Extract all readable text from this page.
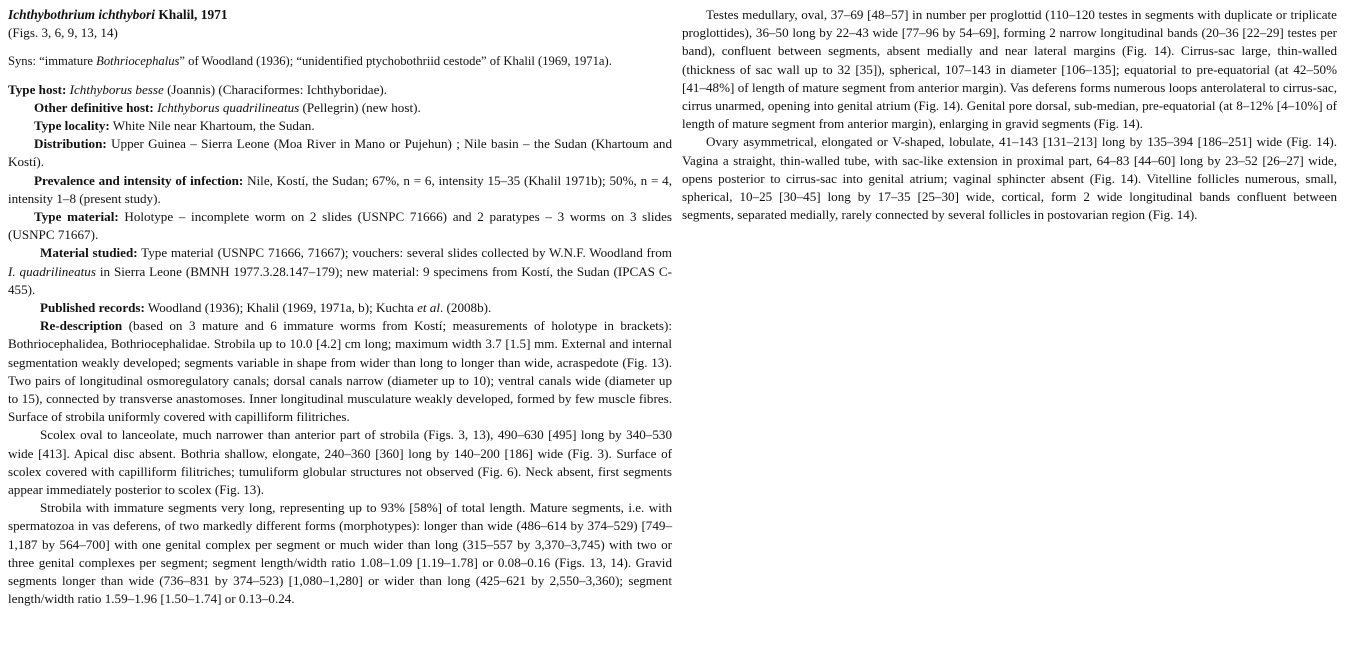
Ichthybothrium ichthybori Khalil, 1971

(Figs. 3, 6, 9, 13, 14)

Syns: “immature Bothriocephalus” of Woodland (1936); “unidentified ptychobothriid cestode” of Khalil (1969, 1971a).

Type host: Ichthyborus besse (Joannis) (Characiformes: Ichthyboridae).

Other definitive host: Ichthyborus quadrilineatus (Pellegrin) (new host).

Type locality: White Nile near Khartoum, the Sudan.

Distribution: Upper Guinea – Sierra Leone (Moa River in Mano or Pujehun) ; Nile basin – the Sudan (Khartoum and Kostí).

Prevalence and intensity of infection: Nile, Kostí, the Sudan; 67%, n = 6, intensity 15–35 (Khalil 1971b); 50%, n = 4, intensity 1–8 (present study).

Type material: Holotype – incomplete worm on 2 slides (USNPC 71666) and 2 paratypes – 3 worms on 3 slides (USNPC 71667).

Material studied: Type material (USNPC 71666, 71667); vouchers: several slides collected by W.N.F. Woodland from I. quadrilineatus in Sierra Leone (BMNH 1977.3.28.147–179); new material: 9 specimens from Kostí, the Sudan (IPCAS C-455).

Published records: Woodland (1936); Khalil (1969, 1971a, b); Kuchta et al. (2008b).

Re-description (based on 3 mature and 6 immature worms from Kostí; measurements of holotype in brackets): Bothriocephalidea, Bothriocephalidae. Strobila up to 10.0 [4.2] cm long; maximum width 3.7 [1.5] mm. External and internal segmentation weakly developed; segments variable in shape from wider than long to longer than wide, acraspedote (Fig. 13). Two pairs of longitudinal osmoregulatory canals; dorsal canals narrow (diameter up to 10); ventral canals wide (diameter up to 15), connected by transverse anastomoses. Inner longitudinal musculature weakly developed, formed by few muscle fibres. Surface of strobila uniformly covered with capilliform filitriches.

Scolex oval to lanceolate, much narrower than anterior part of strobila (Figs. 3, 13), 490–630 [495] long by 340–530 wide [413]. Apical disc absent. Bothria shallow, elongate, 240–360 [360] long by 140–200 [186] wide (Fig. 3). Surface of scolex covered with capilliform filitriches; tumuliform globular structures not observed (Fig. 6). Neck absent, first segments appear immediately posterior to scolex (Fig. 13).

Strobila with immature segments very long, representing up to 93% [58%] of total length. Mature segments, i.e. with spermatozoa in vas deferens, of two markedly different forms (morphotypes): longer than wide (486–614 by 374–529) [749–1,187 by 564–700] with one genital complex per segment or much wider than long (315–557 by 3,370–3,745) with two or three genital complexes per segment; segment length/width ratio 1.08–1.09 [1.19–1.78] or 0.08–0.16 (Figs. 13, 14). Gravid segments longer than wide (736–831 by 374–523) [1,080–1,280] or wider than long (425–621 by 2,550–3,360); segment length/width ratio 1.59–1.96 [1.50–1.74] or 0.13–0.24.

Testes medullary, oval, 37–69 [48–57] in number per proglottid (110–120 testes in segments with duplicate or triplicate proglottides), 36–50 long by 22–43 wide [77–96 by 54–69], forming 2 narrow longitudinal bands (20–36 [22–29] testes per band), confluent between segments, absent medially and near lateral margins (Fig. 14). Cirrus-sac large, thin-walled (thickness of sac wall up to 32 [35]), spherical, 107–143 in diameter [106–135]; equatorial to pre-equatorial (at 42–50% [41–48%] of length of mature segment from anterior margin). Vas deferens forms numerous loops anterolateral to cirrus-sac, cirrus unarmed, opening into genital atrium (Fig. 14). Genital pore dorsal, sub-median, pre-equatorial (at 8–12% [4–10%] of length of mature segment from anterior margin), enlarging in gravid segments (Fig. 14).

Ovary asymmetrical, elongated or V-shaped, lobulate, 41–143 [131–213] long by 135–394 [186–251] wide (Fig. 14). Vagina a straight, thin-walled tube, with sac-like extension in proximal part, 64–83 [44–60] long by 23–52 [26–27] wide, opens posterior to cirrus-sac into genital atrium; vaginal sphincter absent (Fig. 14). Vitelline follicles numerous, small, spherical, 10–25 [30–45] long by 17–35 [25–30] wide, cortical, form 2 wide longitudinal bands confluent between segments, separated medially, rarely connected by several follicles in postovarian region (Fig. 14).
